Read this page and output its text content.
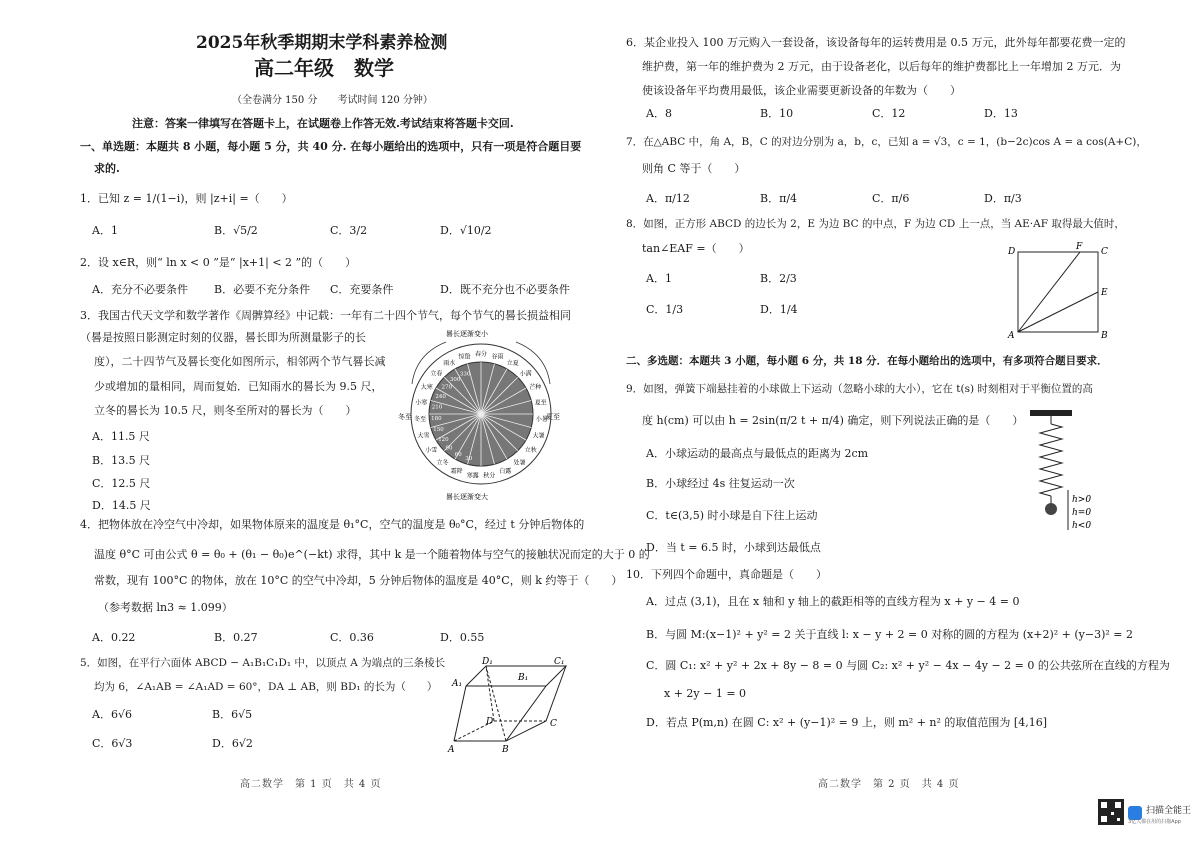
2025年秋季期期末学科素养检测
高二年级　数学
（全卷满分 150 分　　考试时间 120 分钟）
注意：答案一律填写在答题卡上，在试题卷上作答无效.考试结束将答题卡交回.
一、单选题：本题共 8 小题，每小题 5 分，共 40 分. 在每小题给出的选项中，只有一项是符合题目要
求的.
1．已知 z = 1/(1−i)，则 |z+i| =（　　）
A．1	B．√5/2	C．3/2	D．√10/2
2．设 x∈R，则“ ln x < 0 ”是“ |x+1| < 2 ”的（　　）
A．充分不必要条件 B．必要不充分条件 C．充要条件	D．既不充分也不必要条件
3．我国古代天文学和数学著作《周髀算经》中记载：一年有二十四个节气，每个节气的晷长损益相同
（晷是按照日影测定时刻的仪器，晷长即为所测量影子的长
度），二十四节气及晷长变化如图所示，相邻两个节气晷长减
少或增加的量相同，周而复始．已知雨水的晷长为 9.5 尺，
立冬的晷长为 10.5 尺，则冬至所对的晷长为（　　）
A．11.5 尺
B．13.5 尺
C．12.5 尺
D．14.5 尺
晷长逐渐变小
晷长逐渐变大
冬至	夏至
春分 谷雨
立夏
小满
芒种
夏至
小暑
大暑
立秋
处暑
白露
秋分
寒露
霜降
立冬
小雪
大雪
冬至
小寒
大寒
立春
雨水
惊蛰
330
300
270
240
210
180
150
120
90
60
30
4．把物体放在冷空气中冷却，如果物体原来的温度是 θ₁°C，空气的温度是 θ₀°C，经过 t 分钟后物体的
温度 θ°C 可由公式 θ = θ₀ + (θ₁ − θ₀)e^(−kt) 求得，其中 k 是一个随着物体与空气的接触状况而定的大于 0 的
常数，现有 100°C 的物体，放在 10°C 的空气中冷却，5 分钟后物体的温度是 40°C，则 k 约等于（　　）
（参考数据 ln3 ≈ 1.099）
A．0.22	B．0.27	C．0.36	D．0.55
5．如图，在平行六面体 ABCD − A₁B₁C₁D₁ 中，以顶点 A 为端点的三条棱长
均为 6，∠A₁AB = ∠A₁AD = 60°，DA ⊥ AB，则 BD₁ 的长为（　　）
A．6√6	B．6√5
C．6√3	D．6√2
D₁	C₁
A₁
B₁
D	C
A	B
高二数学　第 1 页　共 4 页
6．某企业投入 100 万元购入一套设备，该设备每年的运转费用是 0.5 万元，此外每年都要花费一定的
维护费，第一年的维护费为 2 万元，由于设备老化，以后每年的维护费都比上一年增加 2 万元．为
使该设备年平均费用最低，该企业需要更新设备的年数为（　　）
A．8	B．10	C．12	D．13
7．在△ABC 中，角 A，B，C 的对边分别为 a，b，c，已知 a = √3，c = 1，(b−2c)cos A = a cos(A+C)，
则角 C 等于（　　）
A．π/12	B．π/4	C．π/6	D．π/3
8．如图，正方形 ABCD 的边长为 2，E 为边 BC 的中点，F 为边 CD 上一点，当 AE·AF 取得最大值时，
tan∠EAF =（　　）
A．1	B．2/3
C．1/3	D．1/4
D	F C
E
A	B
二、多选题：本题共 3 小题，每小题 6 分，共 18 分．在每小题给出的选项中，有多项符合题目要求．
9．如图，弹簧下端悬挂着的小球做上下运动（忽略小球的大小），它在 t(s) 时刻相对于平衡位置的高
度 h(cm) 可以由 h = 2sin(π/2 t + π/4) 确定，则下列说法正确的是（　　）
A．小球运动的最高点与最低点的距离为 2cm
B．小球经过 4s 往复运动一次
C．t∈(3,5) 时小球是自下往上运动
D．当 t = 6.5 时，小球到达最低点
h>0
h=0
h<0
10．下列四个命题中，真命题是（　　）
A．过点 (3,1)，且在 x 轴和 y 轴上的截距相等的直线方程为 x + y − 4 = 0
B．与圆 M:(x−1)² + y² = 2 关于直线 l: x − y + 2 = 0 对称的圆的方程为 (x+2)² + (y−3)² = 2
C．圆 C₁: x² + y² + 2x + 8y − 8 = 0 与圆 C₂: x² + y² − 4x − 4y − 2 = 0 的公共弦所在直线的方程为
x + 2y − 1 = 0
D．若点 P(m,n) 在圆 C: x² + (y−1)² = 9 上，则 m² + n² 的取值范围为 [4,16]
高二数学　第 2 页　共 4 页
扫描全能王
3亿人都在用的扫描App
